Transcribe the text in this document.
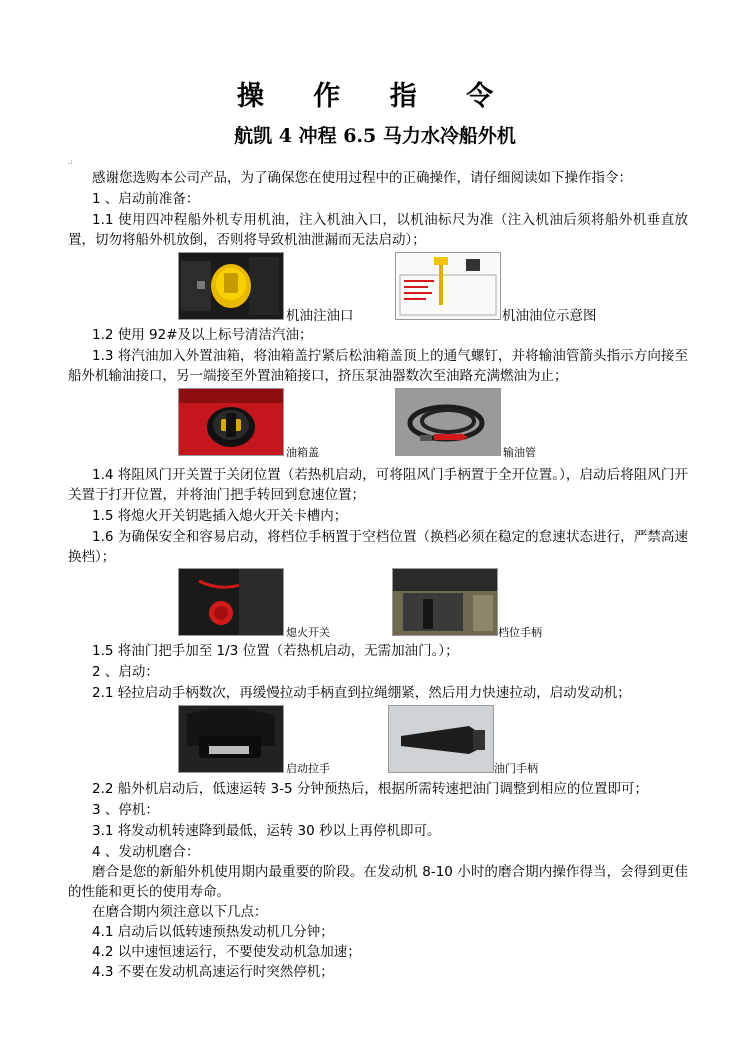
操 作 指 令
航凯 4 冲程 6.5 马力水冷船外机
.:
感谢您选购本公司产品，为了确保您在使用过程中的正确操作，请仔细阅读如下操作指令：
1 、启动前准备：
1.1 使用四冲程船外机专用机油，注入机油入口，以机油标尺为准（注入机油后须将船外机垂直放置，切勿将船外机放倒，否则将导致机油泄漏而无法启动）；
机油注油口	机油油位示意图
1.2 使用 92#及以上标号清洁汽油；
1.3 将汽油加入外置油箱，将油箱盖拧紧后松油箱盖顶上的通气螺钉，并将输油管箭头指示方向接至船外机输油接口，另一端接至外置油箱接口，挤压泵油器数次至油路充满燃油为止；
油箱盖	输油管
1.4 将阻风门开关置于关闭位置（若热机启动，可将阻风门手柄置于全开位置。），启动后将阻风门开关置于打开位置，并将油门把手转回到怠速位置；
1.5 将熄火开关钥匙插入熄火开关卡槽内；
1.6 为确保安全和容易启动，将档位手柄置于空档位置（换档必须在稳定的怠速状态进行，严禁高速换档）；
熄火开关	档位手柄
1.5 将油门把手加至 1/3 位置（若热机启动，无需加油门。）；
2 、启动：
2.1 轻拉启动手柄数次，再缓慢拉动手柄直到拉绳绷紧，然后用力快速拉动，启动发动机；
启动拉手	油门手柄
2.2 船外机启动后，低速运转 3-5 分钟预热后，根据所需转速把油门调整到相应的位置即可；
3 、停机：
3.1 将发动机转速降到最低，运转 30 秒以上再停机即可。
4 、发动机磨合：
磨合是您的新船外机使用期内最重要的阶段。在发动机 8-10 小时的磨合期内操作得当，会得到更佳的性能和更长的使用寿命。
在磨合期内须注意以下几点：
4.1 启动后以低转速预热发动机几分钟；
4.2 以中速恒速运行，不要使发动机急加速；
4.3 不要在发动机高速运行时突然停机；
